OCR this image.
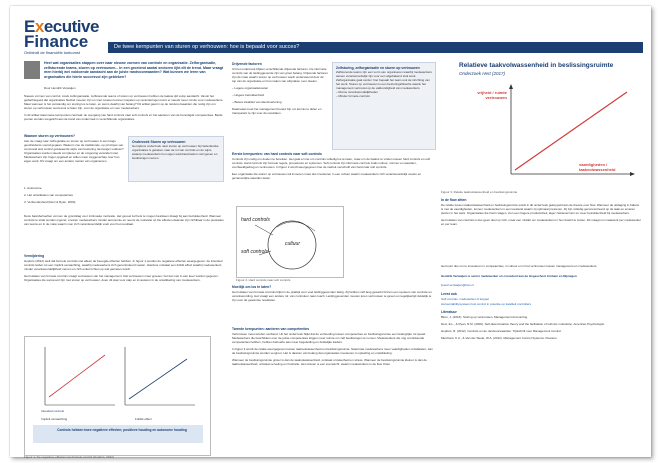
Executive
Finance
Ontbindt de financiële toekomst
De twee kernpunten van sturen op verhouwen: hoe is bepaald voor succes?
Heel wat organisaties stappen over naar nieuwe vormen van controle en organisatie. Zelforganisatie, zelfsturende teams, sturen op vertrouwen... In een groeiend aantal sectoren lijkt dit de trend. Maar vraagt men hierbij wel voldoende aandacht aan de juiste randvoorwaarden? Wat kunnen we leren van organisaties die hierin succesvol zijn gebleken?
Door Hendrik Verwaijen

Nieuwe vormen van control, zoals zelforganisatie, zelfsturende teams of sturen op vertrouwen hebben de laatste tijd volop aandacht. Vanuit het gedachtegoed dat organisaties flexibel moeten zijn en snel moeten kunnen inspelen op veranderingen komt er steeds meer ruimte voor medewerkers. Maar wanneer is het verstandig om sturing los te laten, en wat is daarbij van belang? Dit artikel gaat in op de randvoorwaarden die nodig zijn om sturen op vertrouwen succesvol te laten zijn, voor de organisatie en voor medewerkers.

In dit artikel staan twee kernpunten centraal: de overgang van hard controls naar soft controls en het aanleren van de benodigde competenties. Beide punten worden toegelicht aan de hand van onderzoek in verschillende organisaties.

Waarom sturen op vertrouwen?

Aan de vraag naar zelfregulatie en sturen op vertrouwen is een lange geschiedenis vooraf gegaan. Waarom zou de traditionele, op principes van command and control gebaseerde wijze van besturing niet langer voldoen? Organisaties worden steeds complexer en de omgeving verandert snel. Medewerkers zijn hoger opgeleid en willen meer zeggenschap over hun eigen werk. Dit vraagt om een andere manier van organiseren.

Onderzoek Sturen op vertrouwen
Het tijdens onderzoek naar sturen op vertrouwen bij Nederlandse organisaties is gekeken naar de rol van controls en de wijze waarop medewerkers hun eigen werkzaamheden vormgeven en beslissingen nemen.

1. Autonomie

2. Het ontwikkelen van competenties

3. Verbondenheid (Deci & Ryan, 2000)

Deze basisbehoeften vormen de grondslag voor intrinsieke motivatie. Het gevoel zelf iets te mogen beslissen draagt bij aan betrokkenheid. Wanneer controls te strak worden ingezet, ervaren medewerkers minder autonomie en neemt de motivatie af. De effecten daarvan zijn zichtbaar in de prestaties van teams en in de mate waarin men zich verantwoordelijk voelt voor het resultaat.

Verwijdering

Hopfers (2012) stelt dat formele controls niet alleen de beoogde effecten hebben. In figuur 1 worden de negatieve effecten weergegeven: de intended controls leiden tot een implicit verwachting, waarbij medewerkers zich gecontroleerd voelen. Hierdoor ontstaat een fullslit effect waarbij medewerkers minder verantwoordelijkheid nemen en zich enkel richten op wat gemeten wordt.

Het loslaten van formele controls vraagt vertrouwen van het management. Dat vertrouwen moet groeien; het kan niet in één keer worden gegeven. Organisaties die succesvol zijn met sturen op vertrouwen, doen dit stap voor stap en investeren in de ontwikkeling van medewerkers.

Intended controls
Implicit verwachting	Fullslit effect
Controls hebben twee negatieve effecten; positieve houding en autonome houding
Figuur 1. De negatieve effecten van formele control (Hopfers, 2012)
Drijvende factoren

Uit het onderzoek blijken verschillende drijvende factoren. De informele controls van de leidinggevende zijn van groot belang. Drijvende factoren zijn de mate waarin sturen op vertrouwen wordt ondersteund door de top van de organisatie en het maken van afspraken over doelen.

– Lagere organisatiekosten

– Hogere betrokkenheid

– Betere kwaliteit van dienstverlening

Daarnaast moet het management bereid zijn om kennis te delen en transparant te zijn over de resultaten.

Zelfsturing, zelforganisatie en sturen op vertrouwen
Zelfsturende teams zijn een vorm van organiseren waarbij medewerkers samen verantwoordelijk zijn voor een afgebakend stuk werk. Zelforganisatie gaat verder: hier bepaalt het team ook de inrichting van het werk. Sturen op vertrouwen is een besturingsfilosofie waarin het management vertrouwt op de vakkundigheid van medewerkers.
– Ruime verantwoordelijkheden
– Minder formele controls
Eerste kernpunten: van hard controls naar soft controls

Controls zijn nodig om doelen te bereiken. Het gaat er niet om controls volledig los te laten, maar om de balans te vinden tussen hard controls en soft controls. Hard controls zijn formele regels, procedures en systemen. Soft controls zijn informele controls zoals cultuur, normen en waarden, voorbeeldgedrag en vertrouwen. In figuur 2 wordt weergegeven hoe de nadruk verschuift van hard naar soft controls.

Een organisatie die sturen op vertrouwen wil invoeren moet dus investeren in een cultuur waarin medewerkers zich verantwoordelijk voelen en gezamenlijke waarden delen.

hard controls
soft controls
cultuur
Figuur 2. Hard controls naar soft controls
Moeilijk om los te laten?

Het loslaten van formele controls blijkt in de praktijk voor veel leidinggevenden lastig. Zij hebben zelf lang gewerkt binnen een systeem van controle en verantwoording. Het vraagt een andere rol: van controleur naar coach. Leidinggevenden moeten leren vertrouwen te geven en tegelijkertijd duidelijk te zijn over de gewenste resultaten.

Tweede kernpunten: aanleren van competenties

Vertrouwen moet worden verdiend. Uit het onderzoek blijkt dat de verhouding tussen competenties en beslissingsruimte een belangrijke rol speelt. Medewerkers die beschikken over de juiste competenties krijgen meer ruimte om zelf beslissingen te nemen. Medewerkers die nog onvoldoende competenties hebben, hebben behoefte aan meer begeleiding en duidelijke kaders.

In figuur 3 wordt de relatie weergegeven tussen taakvolwassenheid en beslissingsruimte. Naarmate medewerkers meer vaardigheden ontwikkelen, kan de beslissingsruimte worden vergroot. Het is daarom van belang dat organisaties investeren in opleiding en ontwikkeling.

Wanneer de beslissingsruimte groter is dan de taakvolwassenheid, ontstaat onzekerheid en stress. Wanneer de beslissingsruimte kleiner is dan de taakvolwassenheid, ontstaat verveling en frustratie. Het streven is een evenwicht, waarin medewerkers in de flow zitten.

Relatieve taakvolwassenheid in beslissingsruimte
Onderzoek Hert (2017)
vrijheid / ruimte vertrouwen
vaardigheden / taakvolwassenheid
Figuur 3. Relatie taakvolwassenheid en beslissingsruimte
In de flow zitten

De relatie tussen taakvolwassenheid en beslissingsruimte wordt in dit onderzoek gekoppeld aan de theorie over flow. Wanneer de uitdaging in balans is met de vaardigheden, komen medewerkers in een toestand waarin zij optimaal presteren. Zij zijn volledig geconcentreerd op de taak en ervaren plezier in het werk. Organisaties die hierin slagen, zien een hogere productiviteit, lager ziekteverzuim en meer betrokkenheid bij medewerkers.

Het loslaten van controls is dus geen doel op zich, maar een middel om medewerkers in hun kracht te zetten. Dit vraagt om maatwerk per medewerker en per team.

Het loont dus om te investeren in competenties, in cultuur en in het vertrouwen tussen management en medewerkers.

Hendrik Verwaijen is senior medewerker en consulent aan de Hogeschool Arnhem en Nijmegen
ijverel.verwaijen@han.nl
Leest ook
Soft controls: medewerker of koppel
Accountabilitysysteem lost control in potentie op kwaliteit controllers
Literatuur

Blom, J. (2016). Sturing op vertrouwen. Management Accounting.

Deci, E.L., & Ryan, R.M. (2000). Self-determination theory and the facilitation of intrinsic motivation. American Psychologist.

Hopfers, R. (2012). Controls en de randvoorwaarden. Tijdschrift voor Management Control.

Merchant, K.A., & Van der Stede, W.A. (2012). Management Control Systems. Pearson.
